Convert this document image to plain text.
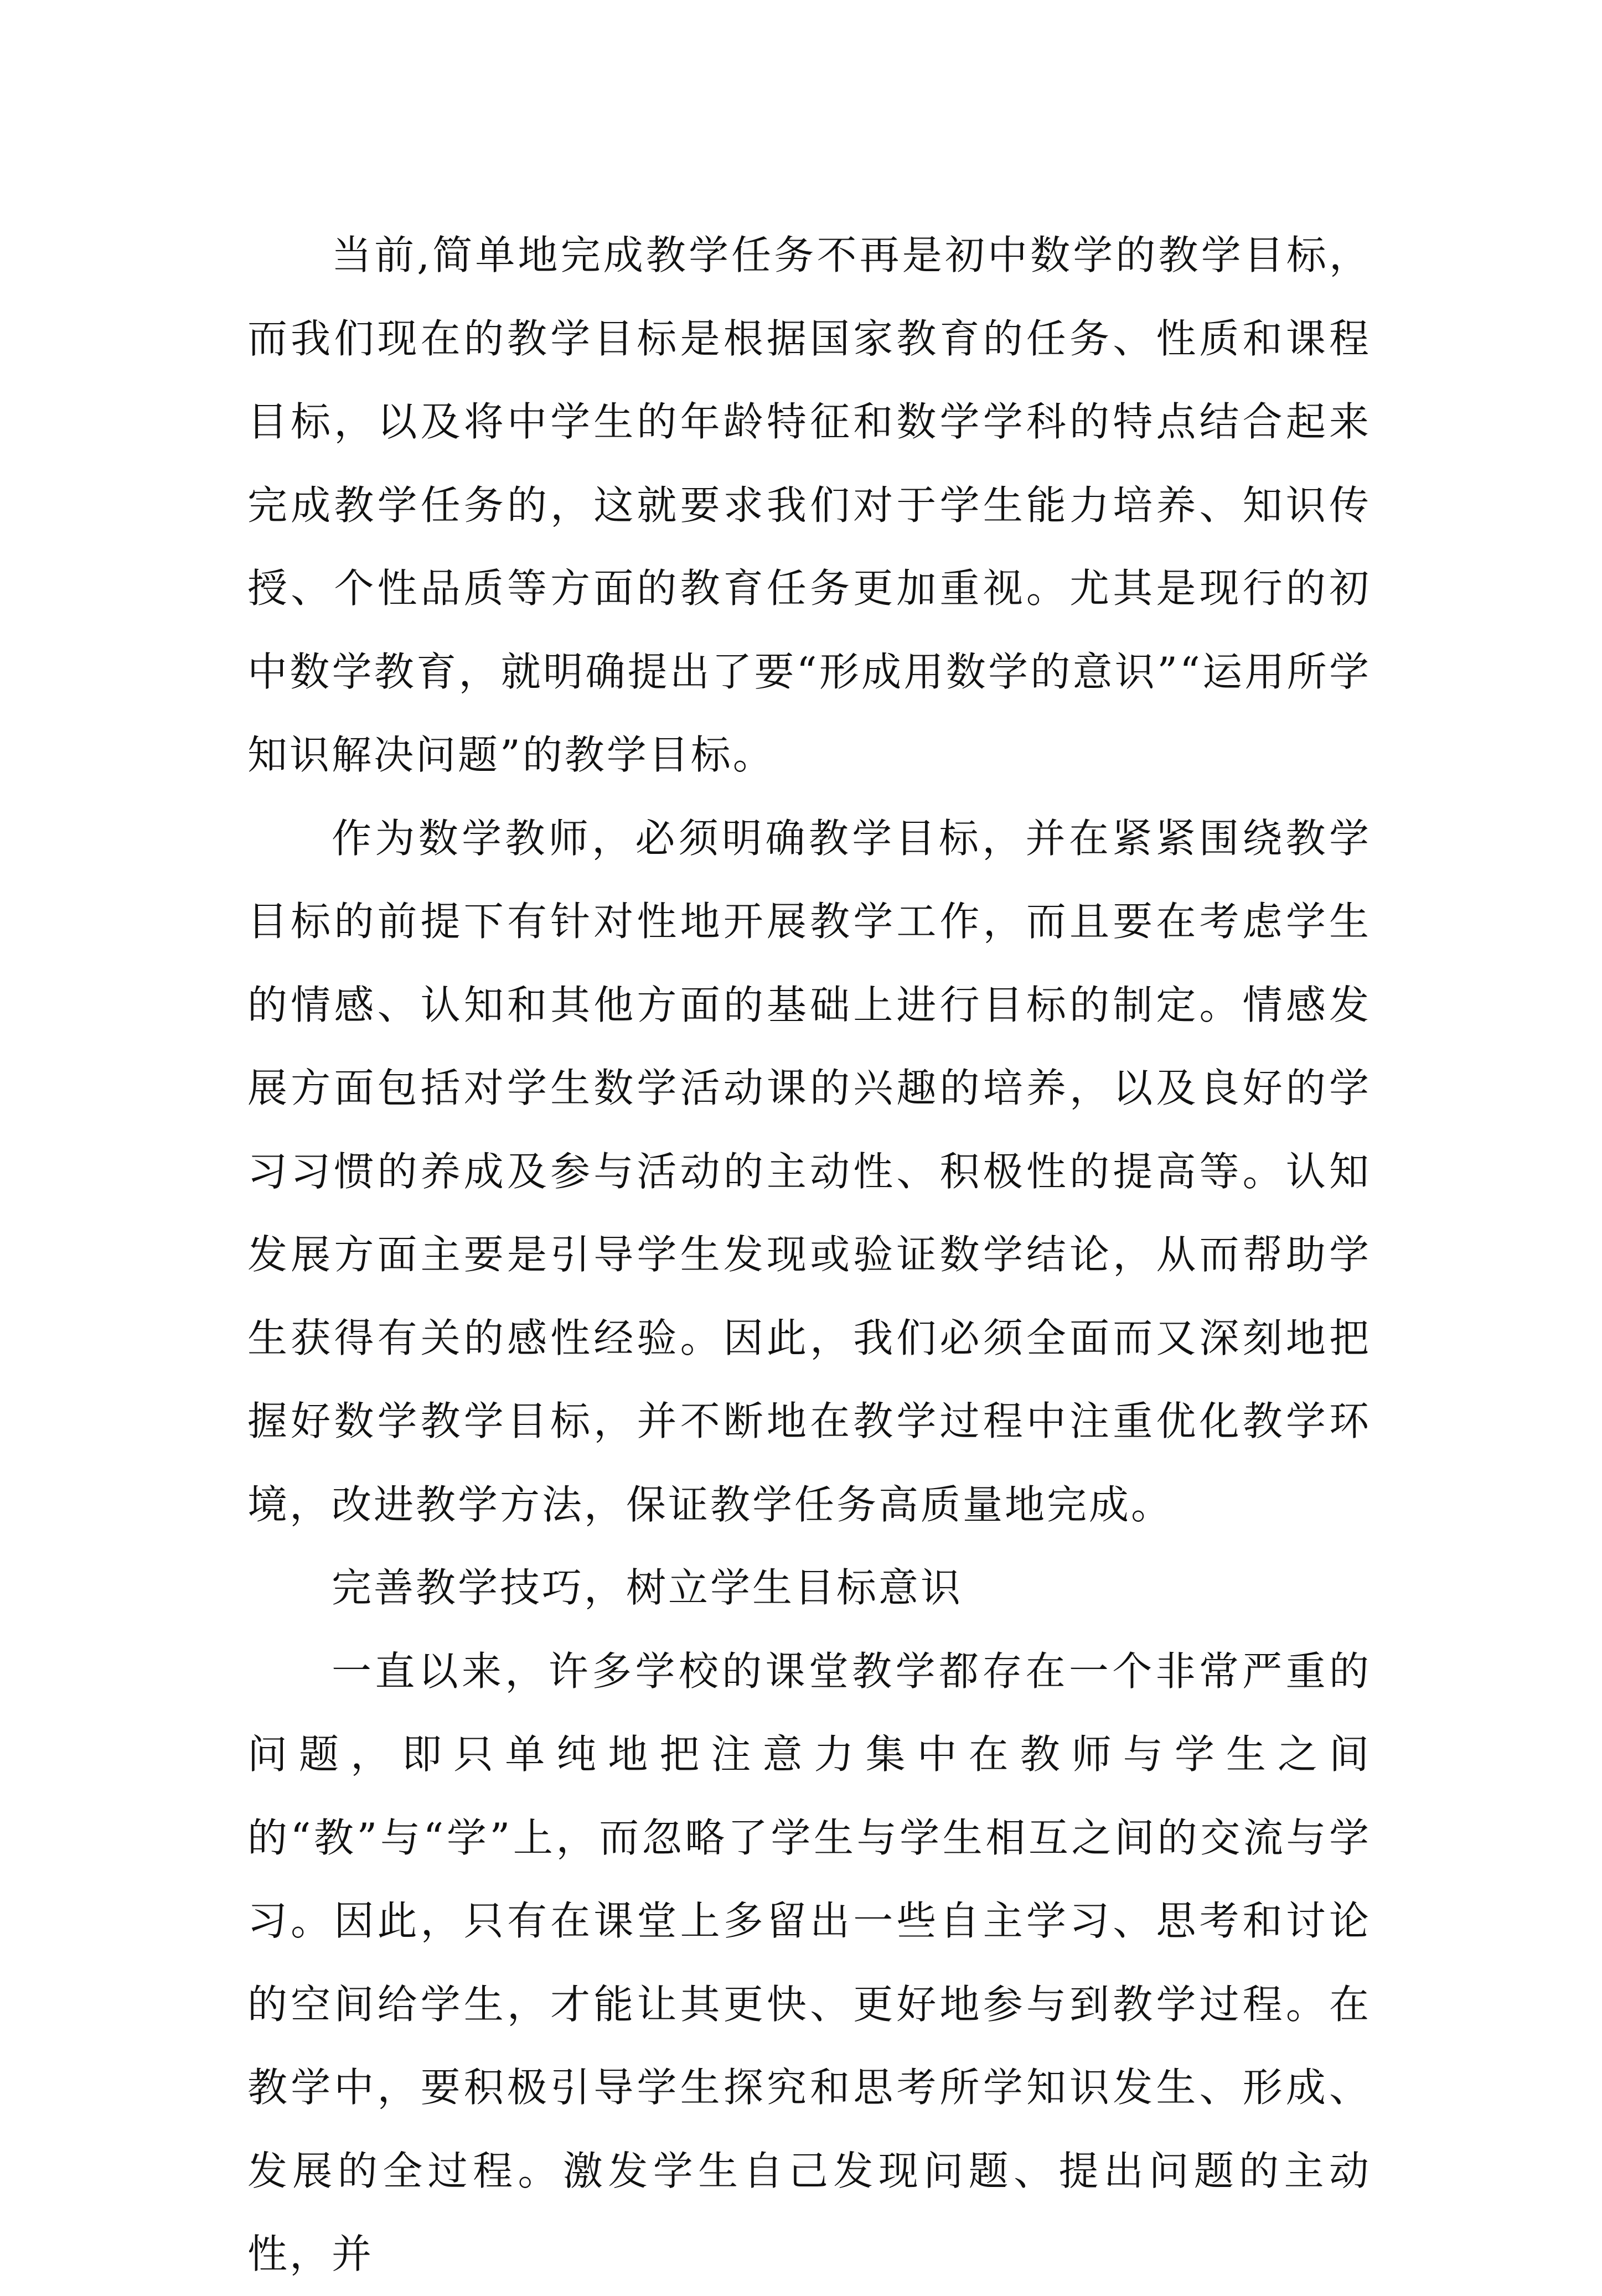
当前,简单地完成教学任务不再是初中数学的教学目标，而我们现在的教学目标是根据国家教育的任务、性质和课程目标，以及将中学生的年龄特征和数学学科的特点结合起来完成教学任务的，这就要求我们对于学生能力培养、知识传授、个性品质等方面的教育任务更加重视。尤其是现行的初中数学教育，就明确提出了要“形成用数学的意识”“运用所学知识解决问题”的教学目标。

作为数学教师，必须明确教学目标，并在紧紧围绕教学目标的前提下有针对性地开展教学工作，而且要在考虑学生的情感、认知和其他方面的基础上进行目标的制定。情感发展方面包括对学生数学活动课的兴趣的培养，以及良好的学习习惯的养成及参与活动的主动性、积极性的提高等。认知发展方面主要是引导学生发现或验证数学结论，从而帮助学生获得有关的感性经验。因此，我们必须全面而又深刻地把握好数学教学目标，并不断地在教学过程中注重优化教学环境，改进教学方法，保证教学任务高质量地完成。

完善教学技巧，树立学生目标意识

一直以来，许多学校的课堂教学都存在一个非常严重的问题，即只单纯地把注意力集中在教师与学生之间的“教”与“学”上，而忽略了学生与学生相互之间的交流与学习。因此，只有在课堂上多留出一些自主学习、思考和讨论的空间给学生，才能让其更快、更好地参与到教学过程。在教学中，要积极引导学生探究和思考所学知识发生、形成、发展的全过程。激发学生自己发现问题、提出问题的主动性，并
